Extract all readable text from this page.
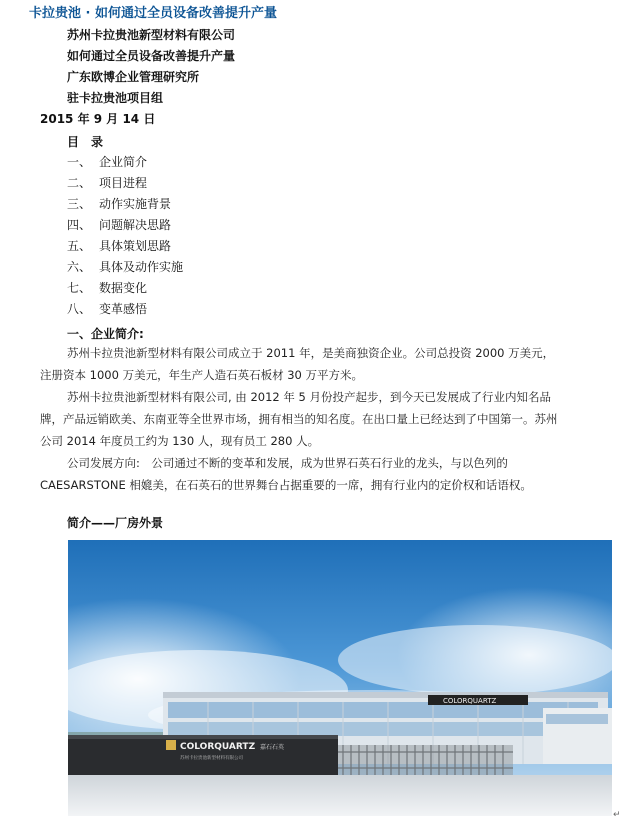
卡拉贵池 · 如何通过全员设备改善提升产量
苏州卡拉贵池新型材料有限公司
如何通过全员设备改善提升产量
广东欧博企业管理研究所
驻卡拉贵池项目组
2015 年 9 月 14 日
目　录
一、 企业简介
二、 项目进程
三、 动作实施背景
四、 问题解决思路
五、 具体策划思路
六、 具体及动作实施
七、 数据变化
八、 变革感悟
一、企业简介:
苏州卡拉贵池新型材料有限公司成立于 2011 年，是美商独资企业。公司总投资 2000 万美元，注册资本 1000 万美元，年生产人造石英石板材 30 万平方米。
苏州卡拉贵池新型材料有限公司, 由 2012 年 5 月份投产起步，到今天已发展成了行业内知名品牌，产品远销欧美、东南亚等全世界市场，拥有相当的知名度。在出口量上已经达到了中国第一。苏州公司 2014 年度员工约为 130 人，现有员工 280 人。
公司发展方向:　公司通过不断的变革和发展，成为世界石英石行业的龙头，与以色列的 CAESARSTONE 相媲美，在石英石的世界舞台占据重要的一席，拥有行业内的定价权和话语权。
简介——厂房外景
COLORQUARTZ
COLORQUARTZ 嘉石石英
苏州卡拉贵池新型材料有限公司
↵
